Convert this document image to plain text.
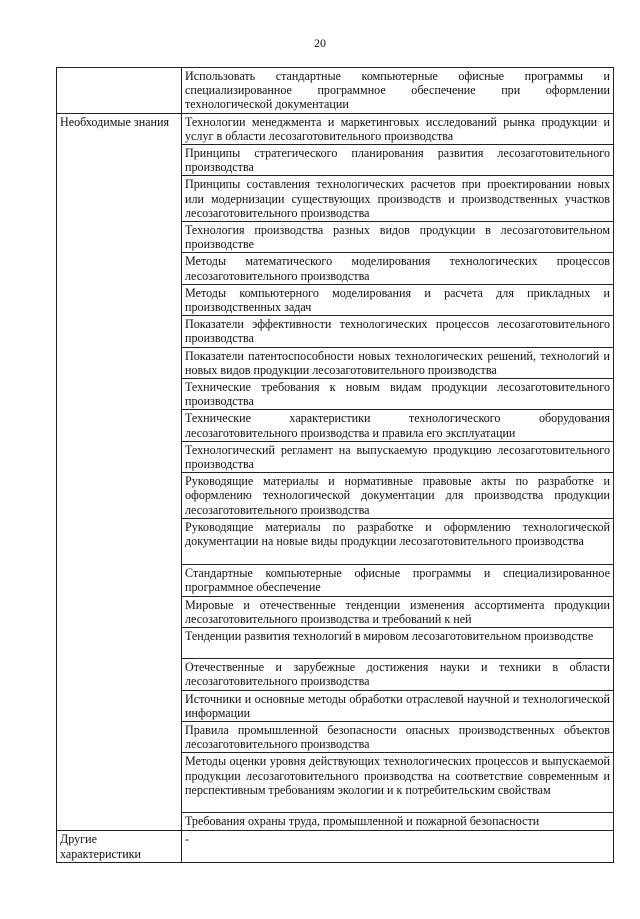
20

	Использовать стандартные компьютерные офисные программы и специализированное программное обеспечение при оформлении технологической документации

Необходимые знания	Технологии менеджмента и маркетинговых исследований рынка продукции и услуг в области лесозаготовительного производства

	Принципы стратегического планирования развития лесозаготовительного производства

	Принципы составления технологических расчетов при проектировании новых или модернизации существующих производств и производственных участков лесозаготовительного производства

	Технология производства разных видов продукции в лесозаготовительном производстве

	Методы математического моделирования технологических процессов лесозаготовительного производства

	Методы компьютерного моделирования и расчета для прикладных и производственных задач

	Показатели эффективности технологических процессов лесозаготовительного производства

	Показатели патентоспособности новых технологических решений, технологий и новых видов продукции лесозаготовительного производства

	Технические требования к новым видам продукции лесозаготовительного производства

	Технические характеристики технологического оборудования лесозаготовительного производства и правила его эксплуатации

	Технологический регламент на выпускаемую продукцию лесозаготовительного производства

	Руководящие материалы и нормативные правовые акты по разработке и оформлению технологической документации для производства продукции лесозаготовительного производства

	Руководящие материалы по разработке и оформлению технологической документации на новые виды продукции лесозаготовительного производства

	Стандартные компьютерные офисные программы и специализированное программное обеспечение

	Мировые и отечественные тенденции изменения ассортимента продукции лесозаготовительного производства и требований к ней

	Тенденции развития технологий в мировом лесозаготовительном производстве

	Отечественные и зарубежные достижения науки и техники в области лесозаготовительного производства

	Источники и основные методы обработки отраслевой научной и технологической информации

	Правила промышленной безопасности опасных производственных объектов лесозаготовительного производства

	Методы оценки уровня действующих технологических процессов и выпускаемой продукции лесозаготовительного производства на соответствие современным и перспективным требованиям экологии и к потребительским свойствам

	Требования охраны труда, промышленной и пожарной безопасности

Другие характеристики	-
